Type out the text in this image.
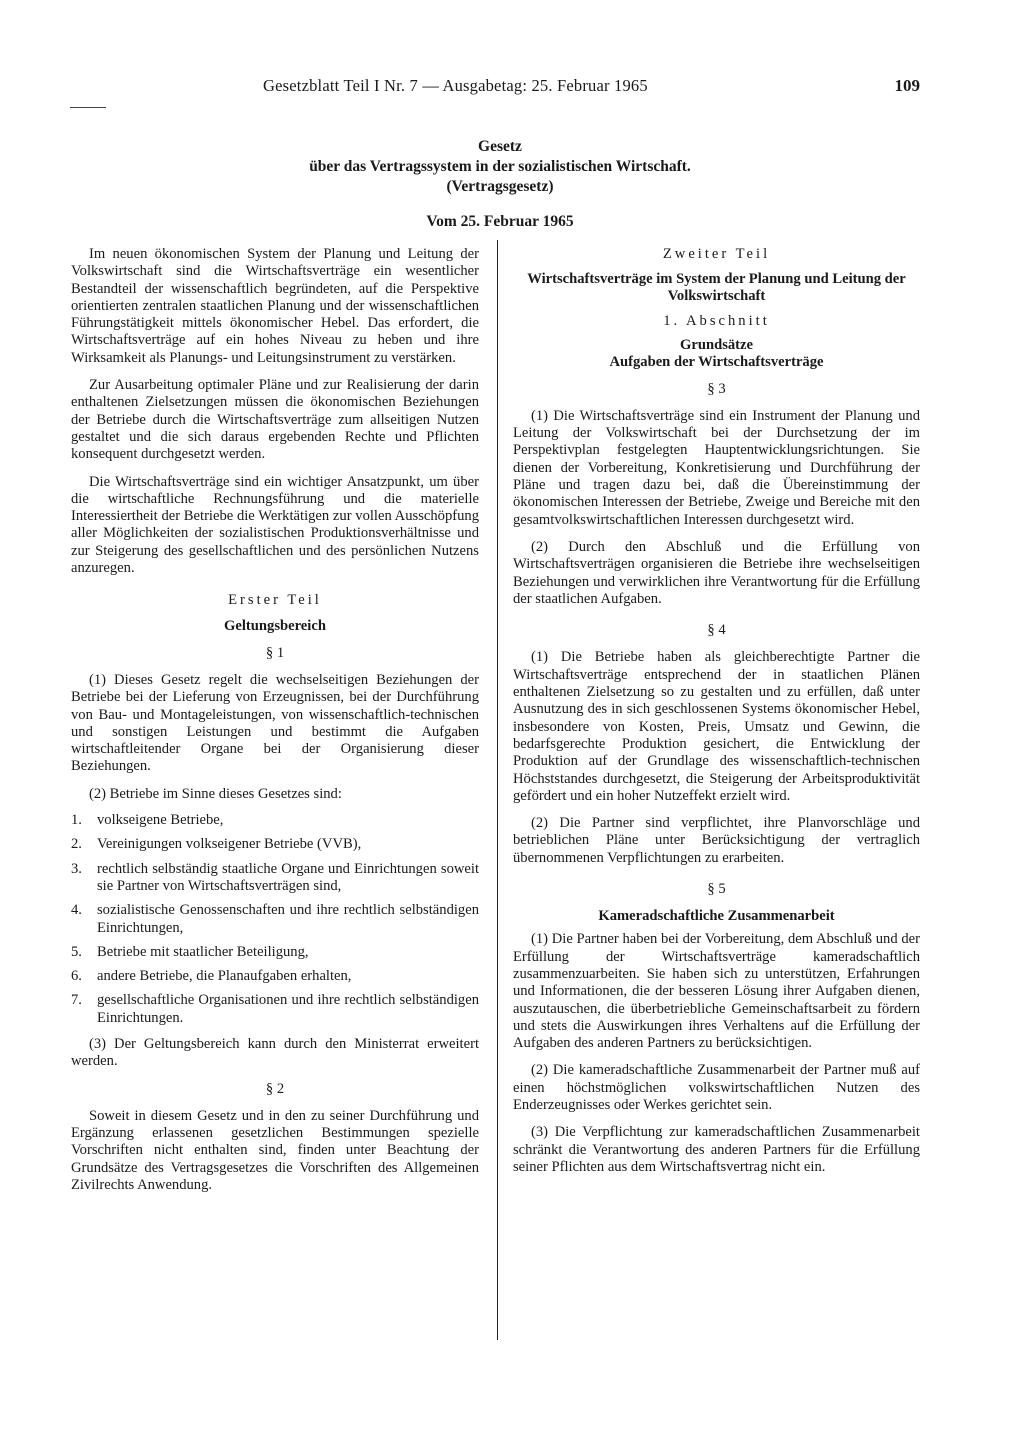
Gesetzblatt Teil I Nr. 7 — Ausgabetag: 25. Februar 1965	109
Gesetz
über das Vertragssystem in der sozialistischen Wirtschaft.
(Vertragsgesetz)
Vom 25. Februar 1965

Im neuen ökonomischen System der Planung und Leitung der Volkswirtschaft sind die Wirtschaftsverträge ein wesentlicher Bestandteil der wissenschaftlich begründeten, auf die Perspektive orientierten zentralen staatlichen Planung und der wissenschaftlichen Führungstätigkeit mittels ökonomischer Hebel. Das erfordert, die Wirtschaftsverträge auf ein hohes Niveau zu heben und ihre Wirksamkeit als Planungs- und Leitungsinstrument zu verstärken.

Zur Ausarbeitung optimaler Pläne und zur Realisierung der darin enthaltenen Zielsetzungen müssen die ökonomischen Beziehungen der Betriebe durch die Wirtschaftsverträge zum allseitigen Nutzen gestaltet und die sich daraus ergebenden Rechte und Pflichten konsequent durchgesetzt werden.

Die Wirtschaftsverträge sind ein wichtiger Ansatzpunkt, um über die wirtschaftliche Rechnungsführung und die materielle Interessiertheit der Betriebe die Werktätigen zur vollen Ausschöpfung aller Möglichkeiten der sozialistischen Produktionsverhältnisse und zur Steigerung des gesellschaftlichen und des persönlichen Nutzens anzuregen.

Erster Teil
Geltungsbereich
§ 1

(1) Dieses Gesetz regelt die wechselseitigen Beziehungen der Betriebe bei der Lieferung von Erzeugnissen, bei der Durchführung von Bau- und Montageleistungen, von wissenschaftlich-technischen und sonstigen Leistungen und bestimmt die Aufgaben wirtschaftleitender Organe bei der Organisierung dieser Beziehungen.

(2) Betriebe im Sinne dieses Gesetzes sind:

1. volkseigene Betriebe,
2. Vereinigungen volkseigener Betriebe (VVB),
3. rechtlich selbständig staatliche Organe und Einrichtungen soweit sie Partner von Wirtschaftsverträgen sind,
4. sozialistische Genossenschaften und ihre rechtlich selbständigen Einrichtungen,
5. Betriebe mit staatlicher Beteiligung,
6. andere Betriebe, die Planaufgaben erhalten,
7. gesellschaftliche Organisationen und ihre rechtlich selbständigen Einrichtungen.

(3) Der Geltungsbereich kann durch den Ministerrat erweitert werden.

§ 2

Soweit in diesem Gesetz und in den zu seiner Durchführung und Ergänzung erlassenen gesetzlichen Bestimmungen spezielle Vorschriften nicht enthalten sind, finden unter Beachtung der Grundsätze des Vertragsgesetzes die Vorschriften des Allgemeinen Zivilrechts Anwendung.

Zweiter Teil
Wirtschaftsverträge im System der Planung und Leitung der Volkswirtschaft
1. Abschnitt
Grundsätze
Aufgaben der Wirtschaftsverträge
§ 3

(1) Die Wirtschaftsverträge sind ein Instrument der Planung und Leitung der Volkswirtschaft bei der Durchsetzung der im Perspektivplan festgelegten Hauptentwicklungsrichtungen. Sie dienen der Vorbereitung, Konkretisierung und Durchführung der Pläne und tragen dazu bei, daß die Übereinstimmung der ökonomischen Interessen der Betriebe, Zweige und Bereiche mit den gesamtvolkswirtschaftlichen Interessen durchgesetzt wird.

(2) Durch den Abschluß und die Erfüllung von Wirtschaftsverträgen organisieren die Betriebe ihre wechselseitigen Beziehungen und verwirklichen ihre Verantwortung für die Erfüllung der staatlichen Aufgaben.

§ 4

(1) Die Betriebe haben als gleichberechtigte Partner die Wirtschaftsverträge entsprechend der in staatlichen Plänen enthaltenen Zielsetzung so zu gestalten und zu erfüllen, daß unter Ausnutzung des in sich geschlossenen Systems ökonomischer Hebel, insbesondere von Kosten, Preis, Umsatz und Gewinn, die bedarfsgerechte Produktion gesichert, die Entwicklung der Produktion auf der Grundlage des wissenschaftlich-technischen Höchststandes durchgesetzt, die Steigerung der Arbeitsproduktivität gefördert und ein hoher Nutzeffekt erzielt wird.

(2) Die Partner sind verpflichtet, ihre Planvorschläge und betrieblichen Pläne unter Berücksichtigung der vertraglich übernommenen Verpflichtungen zu erarbeiten.

§ 5
Kameradschaftliche Zusammenarbeit

(1) Die Partner haben bei der Vorbereitung, dem Abschluß und der Erfüllung der Wirtschaftsverträge kameradschaftlich zusammenzuarbeiten. Sie haben sich zu unterstützen, Erfahrungen und Informationen, die der besseren Lösung ihrer Aufgaben dienen, auszutauschen, die überbetriebliche Gemeinschaftsarbeit zu fördern und stets die Auswirkungen ihres Verhaltens auf die Erfüllung der Aufgaben des anderen Partners zu berücksichtigen.

(2) Die kameradschaftliche Zusammenarbeit der Partner muß auf einen höchstmöglichen volkswirtschaftlichen Nutzen des Enderzeugnisses oder Werkes gerichtet sein.

(3) Die Verpflichtung zur kameradschaftlichen Zusammenarbeit schränkt die Verantwortung des anderen Partners für die Erfüllung seiner Pflichten aus dem Wirtschaftsvertrag nicht ein.
